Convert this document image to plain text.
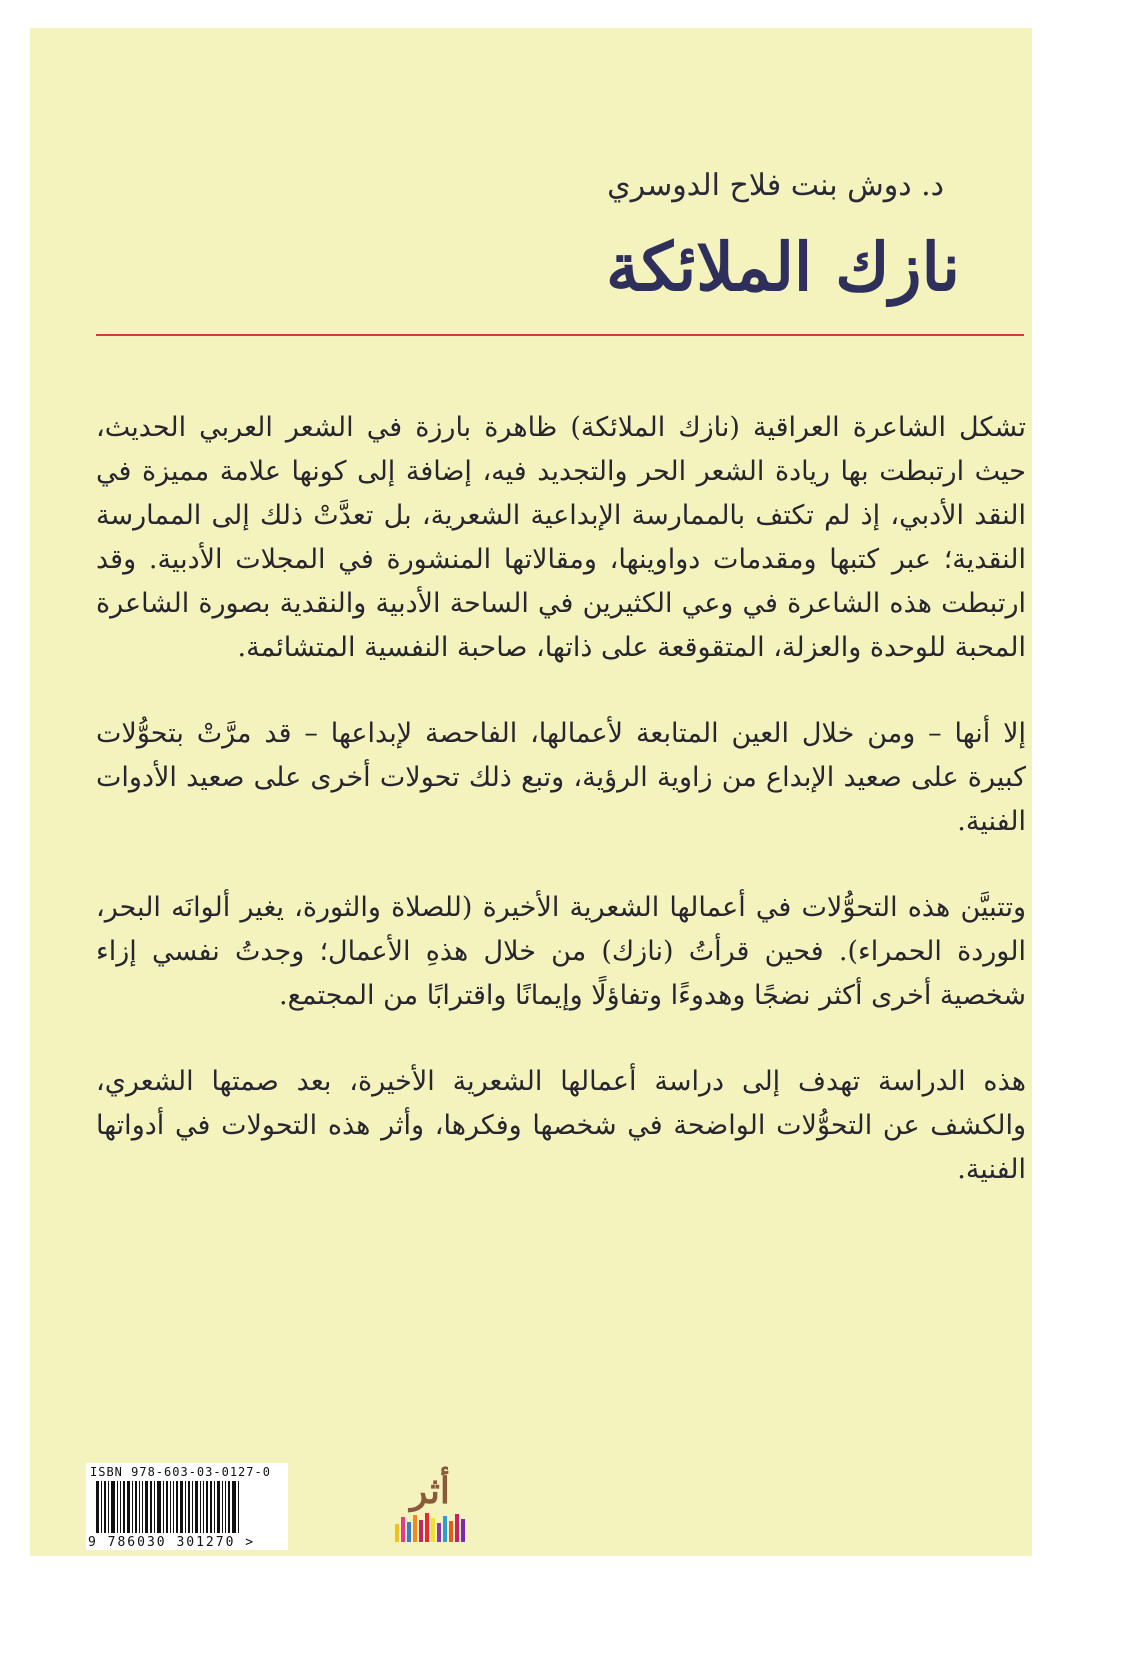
د. دوش بنت فلاح الدوسري
نازك الملائكة

تشكل الشاعرة العراقية (نازك الملائكة) ظاهرة بارزة في الشعر العربي الحديث، حيث ارتبطت بها ريادة الشعر الحر والتجديد فيه، إضافة إلى كونها علامة مميزة في النقد الأدبي، إذ لم تكتف بالممارسة الإبداعية الشعرية، بل تعدَّتْ ذلك إلى الممارسة النقدية؛ عبر كتبها ومقدمات دواوينها، ومقالاتها المنشورة في المجلات الأدبية. وقد ارتبطت هذه الشاعرة في وعي الكثيرين في الساحة الأدبية والنقدية بصورة الشاعرة المحبة للوحدة والعزلة، المتقوقعة على ذاتها، صاحبة النفسية المتشائمة.

إلا أنها – ومن خلال العين المتابعة لأعمالها، الفاحصة لإبداعها – قد مرَّتْ بتحوُّلات كبيرة على صعيد الإبداع من زاوية الرؤية، وتبع ذلك تحولات أخرى على صعيد الأدوات الفنية.

وتتبيَّن هذه التحوُّلات في أعمالها الشعرية الأخيرة (للصلاة والثورة، يغير ألوانَه البحر، الوردة الحمراء). فحين قرأتُ (نازك) من خلال هذهِ الأعمال؛ وجدتُ نفسي إزاء شخصية أخرى أكثر نضجًا وهدوءًا وتفاؤلًا وإيمانًا واقترابًا من المجتمع.

هذه الدراسة تهدف إلى دراسة أعمالها الشعرية الأخيرة، بعد صمتها الشعري، والكشف عن التحوُّلات الواضحة في شخصها وفكرها، وأثر هذه التحولات في أدواتها الفنية.

ISBN 978-603-03-0127-0
9 786030 301270 >
أثر
